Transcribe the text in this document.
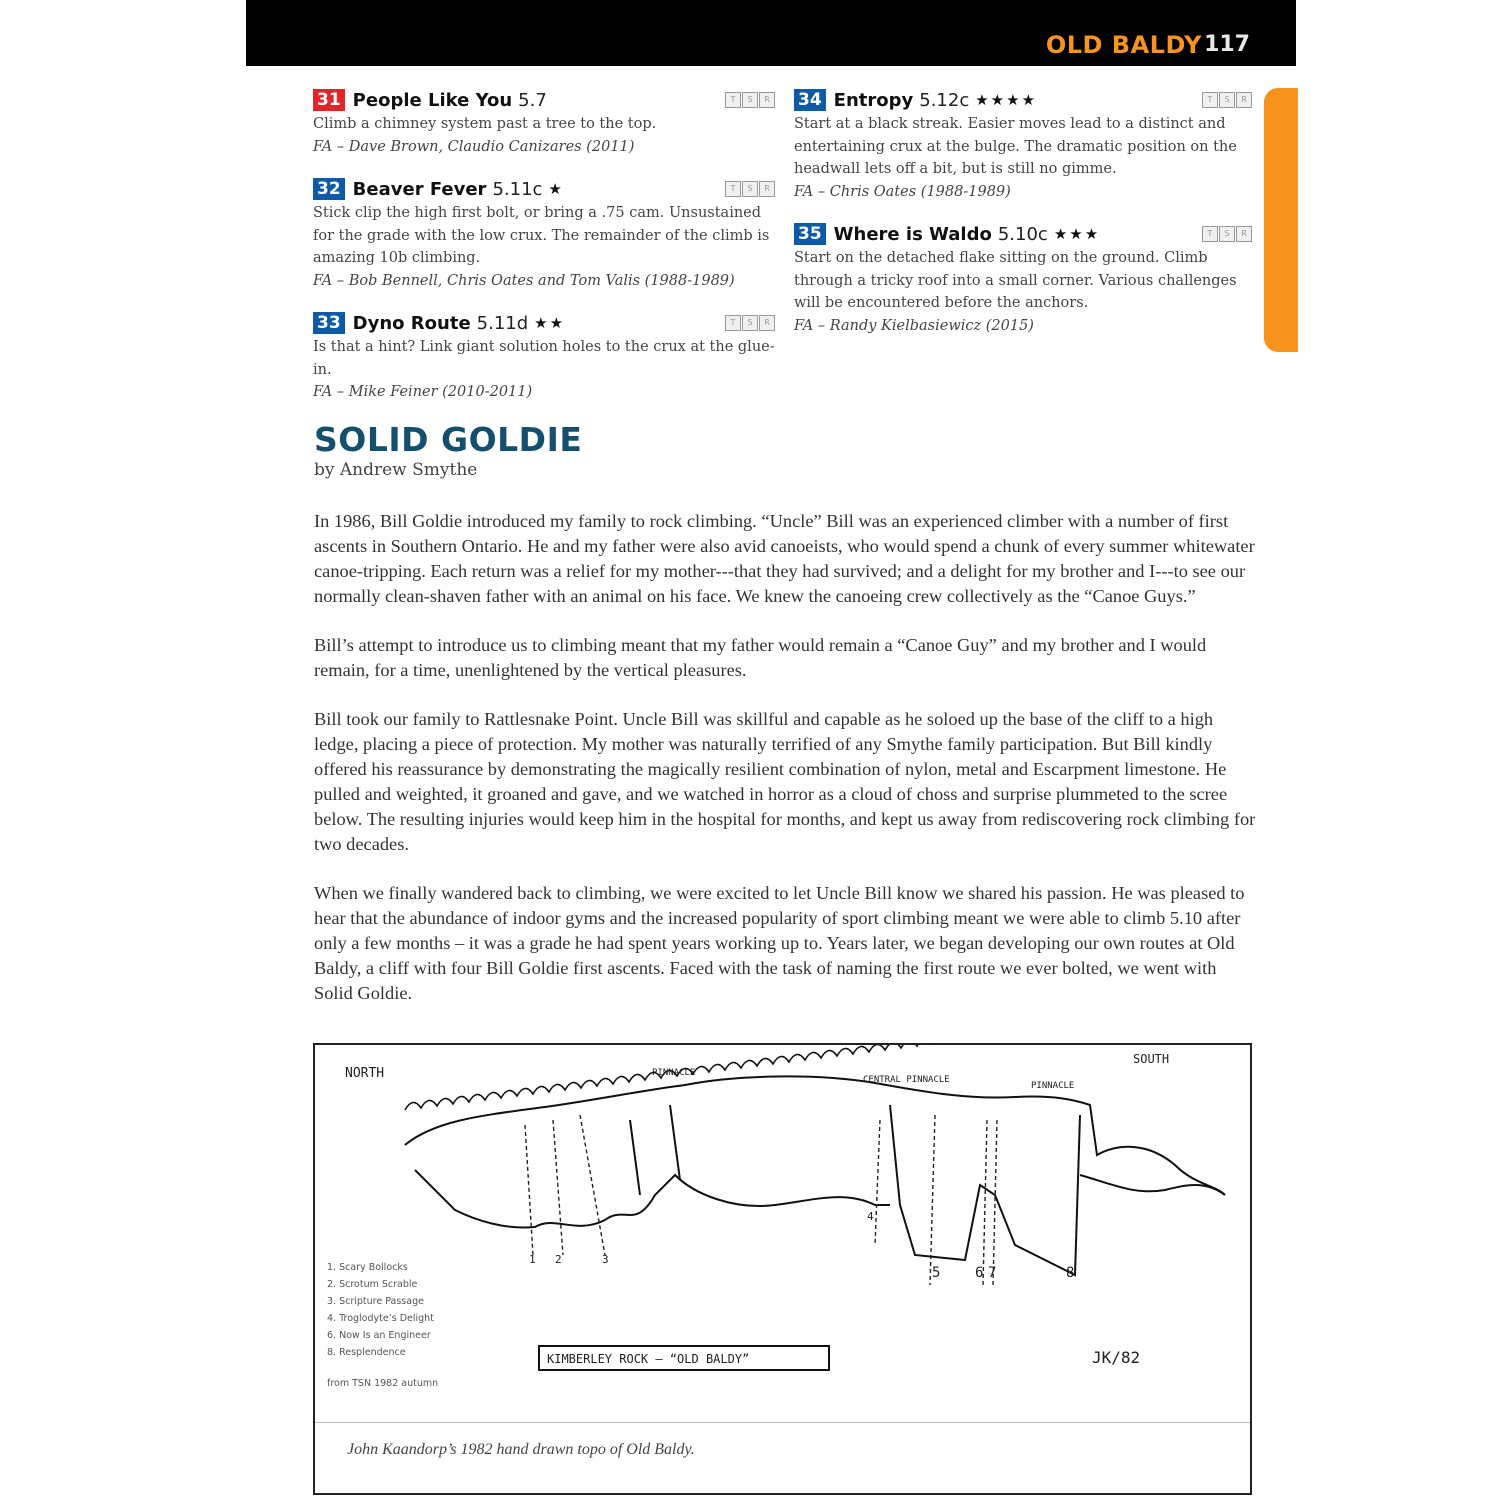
OLD BALDY 117
31 People Like You 5.7	T	S	R

Climb a chimney system past a tree to the top.

FA – Dave Brown, Claudio Canizares (2011)

32 Beaver Fever 5.11c ★	T	S	R

Stick clip the high first bolt, or bring a .75 cam. Unsustained for the grade with the low crux. The remainder of the climb is amazing 10b climbing.

FA – Bob Bennell, Chris Oates and Tom Valis (1988-1989)

33 Dyno Route 5.11d ★★	T	S	R

Is that a hint? Link giant solution holes to the crux at the glue-in.

FA – Mike Feiner (2010-2011)

34 Entropy 5.12c ★★★★	T	S	R

Start at a black streak. Easier moves lead to a distinct and entertaining crux at the bulge. The dramatic position on the headwall lets off a bit, but is still no gimme.

FA – Chris Oates (1988-1989)

35 Where is Waldo 5.10c ★★★	T	S	R

Start on the detached flake sitting on the ground. Climb through a tricky roof into a small corner. Various challenges will be encountered before the anchors.

FA – Randy Kielbasiewicz (2015)

SOLID GOLDIE
by Andrew Smythe

In 1986, Bill Goldie introduced my family to rock climbing. “Uncle” Bill was an experienced climber with a number of first ascents in Southern Ontario. He and my father were also avid canoeists, who would spend a chunk of every summer whitewater canoe-tripping. Each return was a relief for my mother---that they had survived; and a delight for my brother and I---to see our normally clean-shaven father with an animal on his face. We knew the canoeing crew collectively as the “Canoe Guys.”

Bill’s attempt to introduce us to climbing meant that my father would remain a “Canoe Guy” and my brother and I would remain, for a time, unenlightened by the vertical pleasures.

Bill took our family to Rattlesnake Point. Uncle Bill was skillful and capable as he soloed up the base of the cliff to a high ledge, placing a piece of protection. My mother was naturally terrified of any Smythe family participation. But Bill kindly offered his reassurance by demonstrating the magically resilient combination of nylon, metal and Escarpment limestone. He pulled and weighted, it groaned and gave, and we watched in horror as a cloud of choss and surprise plummeted to the scree below. The resulting injuries would keep him in the hospital for months, and kept us away from rediscovering rock climbing for two decades.

When we finally wandered back to climbing, we were excited to let Uncle Bill know we shared his passion. He was pleased to hear that the abundance of indoor gyms and the increased popularity of sport climbing meant we were able to climb 5.10 after only a few months – it was a grade he had spent years working up to. Years later, we began developing our own routes at Old Baldy, a cliff with four Bill Goldie first ascents. Faced with the task of naming the first route we ever bolted, we went with Solid Goldie.

NORTH
SOUTH
PINNACLE
CENTRAL PINNACLE
PINNACLE
1 2	3
4
5 6 7	8
KIMBERLEY ROCK – “OLD BALDY”	JK/82
1. Scary Bollocks
2. Scrotum Scrable
3. Scripture Passage
4. Troglodyte’s Delight
6. Now Is an Engineer
8. Resplendence
from TSN 1982 autumn
John Kaandorp’s 1982 hand drawn topo of Old Baldy.
